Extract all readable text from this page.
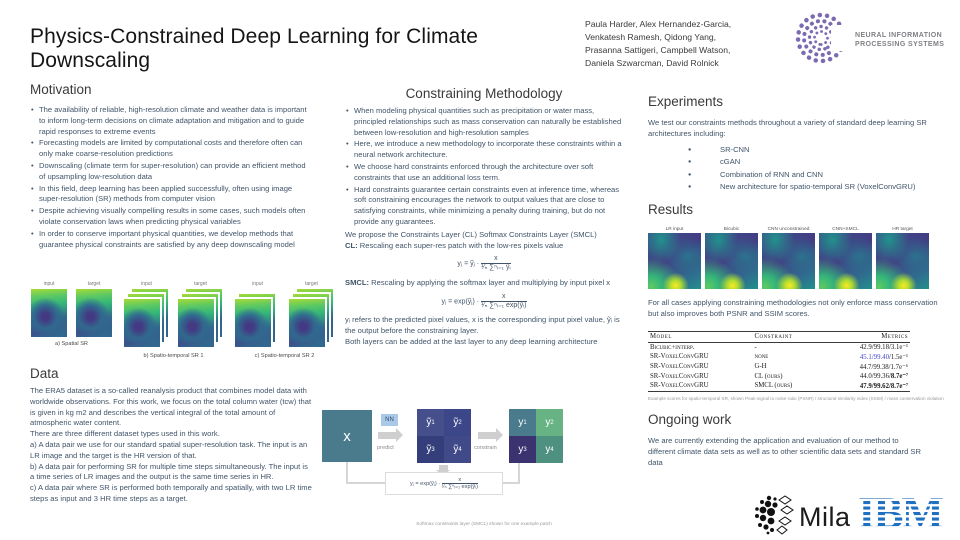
Physics-Constrained Deep Learning for Climate Downscaling
Paula Harder, Alex Hernandez-Garcia,
Venkatesh Ramesh, Qidong Yang,
Prasanna Sattigeri, Campbell Watson,
Daniela Szwarcman, David Rolnick
NEURAL INFORMATION
PROCESSING SYSTEMS
Motivation
• The availability of reliable, high-resolution climate and weather data is important to inform long-term decisions on climate adaptation and mitigation and to guide rapid responses to extreme events
• Forecasting models are limited by computational costs and therefore often can only make coarse-resolution predictions
• Downscaling (climate term for super-resolution) can provide an efficient method of upsampling low-resolution data
• In this field, deep learning has been applied successfully, often using image super-resolution (SR) methods from computer vision
• Despite achieving visually compelling results in some cases, such models often violate conservation laws when predicting physical variables
• In order to conserve important physical quantities, we develop methods that guarantee physical constraints are satisfied by any deep downscaling model
input	target
a) Spatial SR
input	target
b) Spatio-temporal SR 1
input	target
c) Spatio-temporal SR 2
Data
The ERA5 dataset is a so-called reanalysis product that combines model data with worldwide observations. For this work, we focus on the total column water (tcw) that is given in kg m2 and describes the vertical integral of the total amount of atmospheric water content.
There are three different dataset types used in this work.
a) A data pair we use for our standard spatial super-resolution task. The input is an LR image and the target is the HR version of that.
b) A data pair for performing SR for multiple time steps simultaneously. The input is a time series of LR images and the output is the same time series in HR.
c) A data pair where SR is performed both temporally and spatially, with two LR time steps as input and 3 HR time steps as a target.
Constraining Methodology
• When modeling physical quantities such as precipitation or water mass, principled relationships such as mass conservation can naturally be established between low-resolution and high-resolution samples
• Here, we introduce a new methodology to incorporate these constraints within a neural network architecture.
• We choose hard constraints enforced through the architecture over soft constraints that use an additional loss term.
• Hard constraints guarantee certain constraints even at inference time, whereas soft constraining encourages the network to output values that are close to satisfying constraints, while minimizing a penalty during training, but do not provide any guarantees.
We propose the Constraints Layer (CL) Softmax Constraints Layer (SMCL)
CL: Rescaling each super-res patch with the low-res pixels value
yⱼ = ỹⱼ · $\frac{x}{\text{¹⁄ₙ ∑ⁿᵢ₌₁ ỹᵢ}}$
SMCL: Rescaling by applying the softmax layer and multiplying by input pixel x
yⱼ = exp(ỹⱼ) · $\frac{x}{\text{¹⁄ₙ ∑ⁿᵢ₌₁ exp(ỹᵢ)}}$
yᵢ refers to the predicted pixel values, x is the corresponding input pixel value, ỹᵢ is the output before the constraining layer.
Both layers can be added at the last layer to any deep learning architecture
x
NN
predict
ỹ 1 ỹ 2
ỹ 3 ỹ 4 constrain
y 1 y 2
y 3 y 4
yⱼ = exp(ỹⱼ) ·
$\frac{x}{\text{¹⁄ₙ ∑ⁿᵢ₌₁ exp(ỹᵢ)}}$
Softmax constraints layer (SMCL) shown for one example patch
Experiments
We test our constraints methods throughout a variety of standard deep learning SR architectures including:
● SR-CNN
● cGAN
● Combination of RNN and CNN
● New architecture for spatio-temporal SR (VoxelConvGRU)
Results
LR input	Bicubic	CNN unconstrained	CNN+SMCL	HR target
For all cases applying constraining methodologies not only enforce mass conservation but also improves both PSNR and SSIM scores.
Model	Constraint	Metrics
Bicubic+interp.	-	42.9/99.18/3.1e⁻¹
SR-VoxelConvGRU	none	45.1/99.40/1.5e⁻¹
SR-VoxelConvGRU	G-H	44.7/99.38/1.7e⁻⁶
SR-VoxelConvGRU	CL (ours)	44.0/99.36/8.7e⁻⁷
SR-VoxelConvGRU	SMCL (ours)	47.9/99.62/8.7e⁻⁷
Example scores for spatio-temporal SR, shown Peak-signal to noise ratio (PSNR) / structural similarity index (SSIM) / mass conservation violation
Ongoing work
We are currently extending the application and evaluation of our method to different climate data sets as well as to other scientific data sets and standard SR data
Mila IBM
